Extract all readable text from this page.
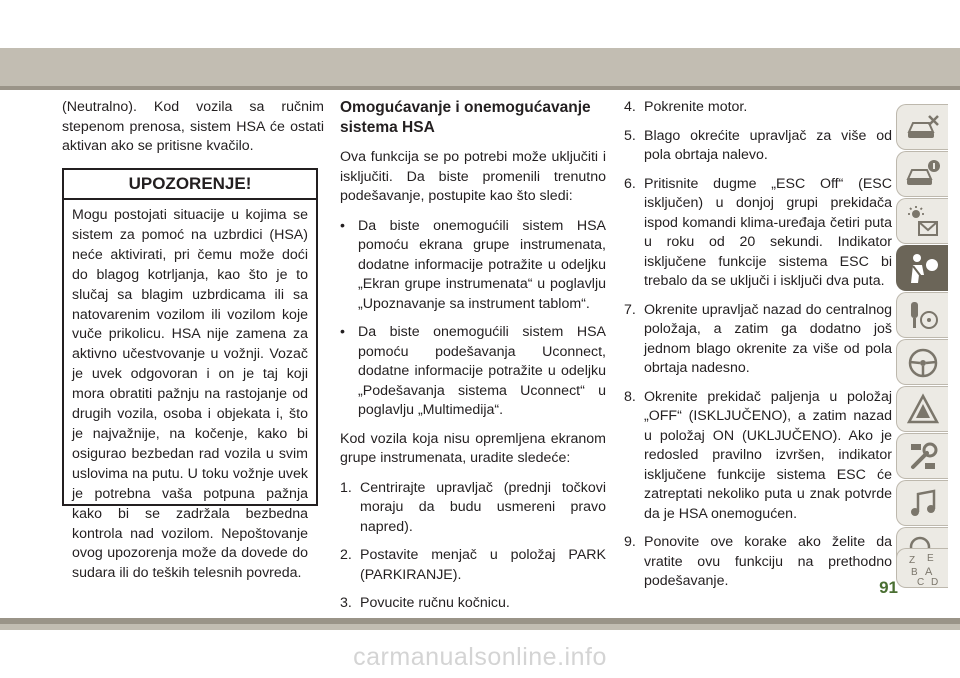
(Neutralno). Kod vozila sa ručnim stepenom prenosa, sistem HSA će ostati aktivan ako se pritisne kvačilo.

UPOZORENJE!
Mogu postojati situacije u kojima se sistem za pomoć na uzbrdici (HSA) neće aktivirati, pri čemu može doći do blagog kotrljanja, kao što je to slučaj sa blagim uzbrdicama ili sa natovarenim vozilom ili vozilom koje vuče prikolicu. HSA nije zamena za aktivno učestvovanje u vožnji. Vozač je uvek odgovoran i on je taj koji mora obratiti pažnju na rastojanje od drugih vozila, osoba i objekata i, što je najvažnije, na kočenje, kako bi osigurao bezbedan rad vozila u svim uslovima na putu. U toku vožnje uvek je potrebna vaša potpuna pažnja kako bi se zadržala bezbedna kontrola nad vozilom. Nepoštovanje ovog upozorenja može da dovede do sudara ili do teških telesnih povreda.
Omogućavanje i onemogućavanje sistema HSA

Ova funkcija se po potrebi može uključiti i isključiti. Da biste promenili trenutno podešavanje, postupite kao što sledi:

• Da biste onemogućili sistem HSA pomoću ekrana grupe instrumenata, dodatne informacije potražite u odeljku „Ekran grupe instrumenata“ u poglavlju „Upoznavanje sa instrument tablom“.
• Da biste onemogućili sistem HSA pomoću podešavanja Uconnect, dodatne informacije potražite u odeljku „Podešavanja sistema Uconnect“ u poglavlju „Multimedija“.

Kod vozila koja nisu opremljena ekranom grupe instrumenata, uradite sledeće:

1. Centrirajte upravljač (prednji točkovi moraju da budu usmereni pravo napred).
2. Postavite menjač u položaj PARK (PARKIRANJE).
3. Povucite ručnu kočnicu.
4. Pokrenite motor.
5. Blago okrećite upravljač za više od pola obrtaja nalevo.
6. Pritisnite dugme „ESC Off“ (ESC isključen) u donjoj grupi prekidača ispod komandi klima-uređaja četiri puta u roku od 20 sekundi. Indikator isključene funkcije sistema ESC bi trebalo da se uključi i isključi dva puta.
7. Okrenite upravljač nazad do centralnog položaja, a zatim ga dodatno još jednom blago okrenite za više od pola obrtaja nadesno.
8. Okrenite prekidač paljenja u položaj „OFF“ (ISKLJUČENO), a zatim nazad u položaj ON (UKLJUČENO). Ako je redosled pravilno izvršen, indikator isključene funkcije sistema ESC će zatreptati nekoliko puta u znak potvrde da je HSA onemogućen.
9. Ponovite ove korake ako želite da vratite ovu funkciju na prethodno podešavanje.
Z E
B A
C D
91
carmanualsonline.info
